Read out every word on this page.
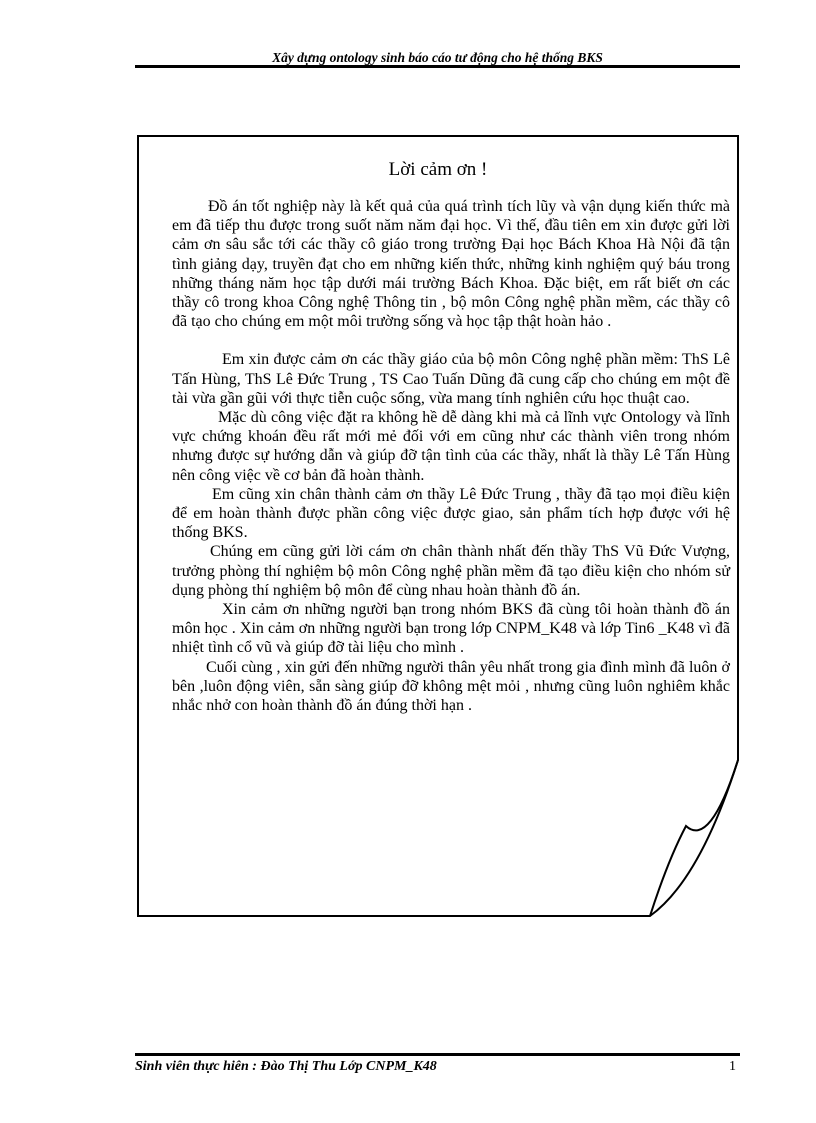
Xây dựng ontology sinh báo cáo tư động cho hệ thống BKS
Lời cảm ơn !

Đồ án tốt nghiệp này là kết quả của quá trình tích lũy và vận dụng kiến thức mà em đã tiếp thu được trong suốt năm năm đại học. Vì thế, đầu tiên em xin được gửi lời cảm ơn sâu sắc tới các thầy cô giáo trong trường Đại học Bách Khoa Hà Nội đã tận tình giảng dạy, truyền đạt cho em những kiến thức, những kinh nghiệm quý báu trong những tháng năm học tập dưới mái trường Bách Khoa. Đặc biệt, em rất biết ơn các thầy cô trong khoa Công nghệ Thông tin , bộ môn Công nghệ phần mềm, các thầy cô đã tạo cho chúng em một môi trường sống và học tập thật hoàn hảo .

Em xin được cảm ơn các thầy giáo của bộ môn Công nghệ phần mềm: ThS Lê Tấn Hùng, ThS Lê Đức Trung , TS Cao Tuấn Dũng đã cung cấp cho chúng em một đề tài vừa gần gũi với thực tiễn cuộc sống, vừa mang tính nghiên cứu học thuật cao.

Mặc dù công việc đặt ra không hề dễ dàng khi mà cả lĩnh vực Ontology và lĩnh vực chứng khoán đều rất mới mẻ đối với em cũng như các thành viên trong nhóm nhưng được sự hướng dẫn và giúp đỡ tận tình của các thầy, nhất là thầy Lê Tấn Hùng nên công việc về cơ bản đã hoàn thành.

Em cũng xin chân thành cảm ơn thầy Lê Đức Trung , thầy đã tạo mọi điều kiện để em hoàn thành được phần công việc được giao, sản phẩm tích hợp được với hệ thống BKS.

Chúng em cũng gửi lời cám ơn chân thành nhất đến thầy ThS Vũ Đức Vượng, trưởng phòng thí nghiệm bộ môn Công nghệ phần mềm đã tạo điều kiện cho nhóm sử dụng phòng thí nghiệm bộ môn để cùng nhau hoàn thành đồ án.

Xin cảm ơn những người bạn trong nhóm BKS đã cùng tôi hoàn thành đồ án môn học . Xin cảm ơn những người bạn trong lớp CNPM_K48 và lớp Tin6 _K48 vì đã nhiệt tình cổ vũ và giúp đỡ tài liệu cho mình .

Cuối cùng , xin gửi đến những người thân yêu nhất trong gia đình mình đã luôn ở bên ,luôn động viên, sẵn sàng giúp đỡ không mệt mỏi , nhưng cũng luôn nghiêm khắc nhắc nhở con hoàn thành đồ án đúng thời hạn .

Sinh viên thực hiên : Đào Thị Thu Lớp CNPM_K48	1
